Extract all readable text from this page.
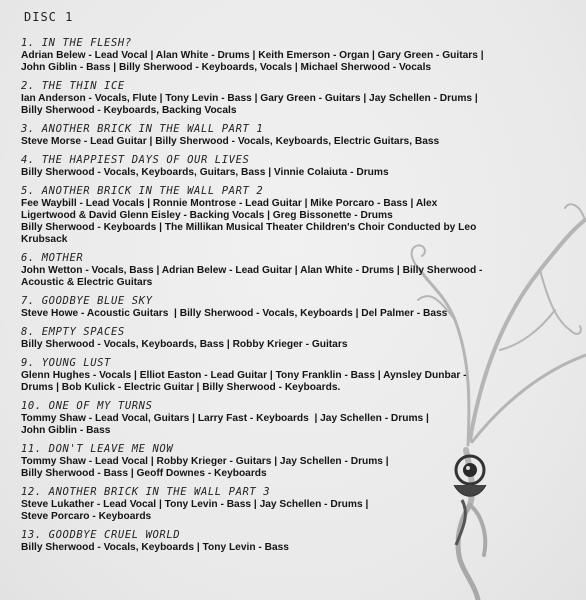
DISC 1
1. IN THE FLESH?
Adrian Belew - Lead Vocal | Alan White - Drums | Keith Emerson - Organ | Gary Green - Guitars |
John Giblin - Bass | Billy Sherwood - Keyboards, Vocals | Michael Sherwood - Vocals
2. THE THIN ICE
Ian Anderson - Vocals, Flute | Tony Levin - Bass | Gary Green - Guitars | Jay Schellen - Drums |
Billy Sherwood - Keyboards, Backing Vocals
3. ANOTHER BRICK IN THE WALL PART 1
Steve Morse - Lead Guitar | Billy Sherwood - Vocals, Keyboards, Electric Guitars, Bass
4. THE HAPPIEST DAYS OF OUR LIVES
Billy Sherwood - Vocals, Keyboards, Guitars, Bass | Vinnie Colaiuta - Drums
5. ANOTHER BRICK IN THE WALL PART 2
Fee Waybill - Lead Vocals | Ronnie Montrose - Lead Guitar | Mike Porcaro - Bass | Alex
Ligertwood & David Glenn Eisley - Backing Vocals | Greg Bissonette - Drums
Billy Sherwood - Keyboards | The Millikan Musical Theater Children's Choir Conducted by Leo
Krubsack
6. MOTHER
John Wetton - Vocals, Bass | Adrian Belew - Lead Guitar | Alan White - Drums | Billy Sherwood -
Acoustic & Electric Guitars
7. GOODBYE BLUE SKY
Steve Howe - Acoustic Guitars  | Billy Sherwood - Vocals, Keyboards | Del Palmer - Bass
8. EMPTY SPACES
Billy Sherwood - Vocals, Keyboards, Bass | Robby Krieger - Guitars
9. YOUNG LUST
Glenn Hughes - Vocals | Elliot Easton - Lead Guitar | Tony Franklin - Bass | Aynsley Dunbar -
Drums | Bob Kulick - Electric Guitar | Billy Sherwood - Keyboards.
10. ONE OF MY TURNS
Tommy Shaw - Lead Vocal, Guitars | Larry Fast - Keyboards  | Jay Schellen - Drums |
John Giblin - Bass
11. DON'T LEAVE ME NOW
Tommy Shaw - Lead Vocal | Robby Krieger - Guitars | Jay Schellen - Drums |
Billy Sherwood - Bass | Geoff Downes - Keyboards
12. ANOTHER BRICK IN THE WALL PART 3
Steve Lukather - Lead Vocal | Tony Levin - Bass | Jay Schellen - Drums |
Steve Porcaro - Keyboards
13. GOODBYE CRUEL WORLD
Billy Sherwood - Vocals, Keyboards | Tony Levin - Bass
